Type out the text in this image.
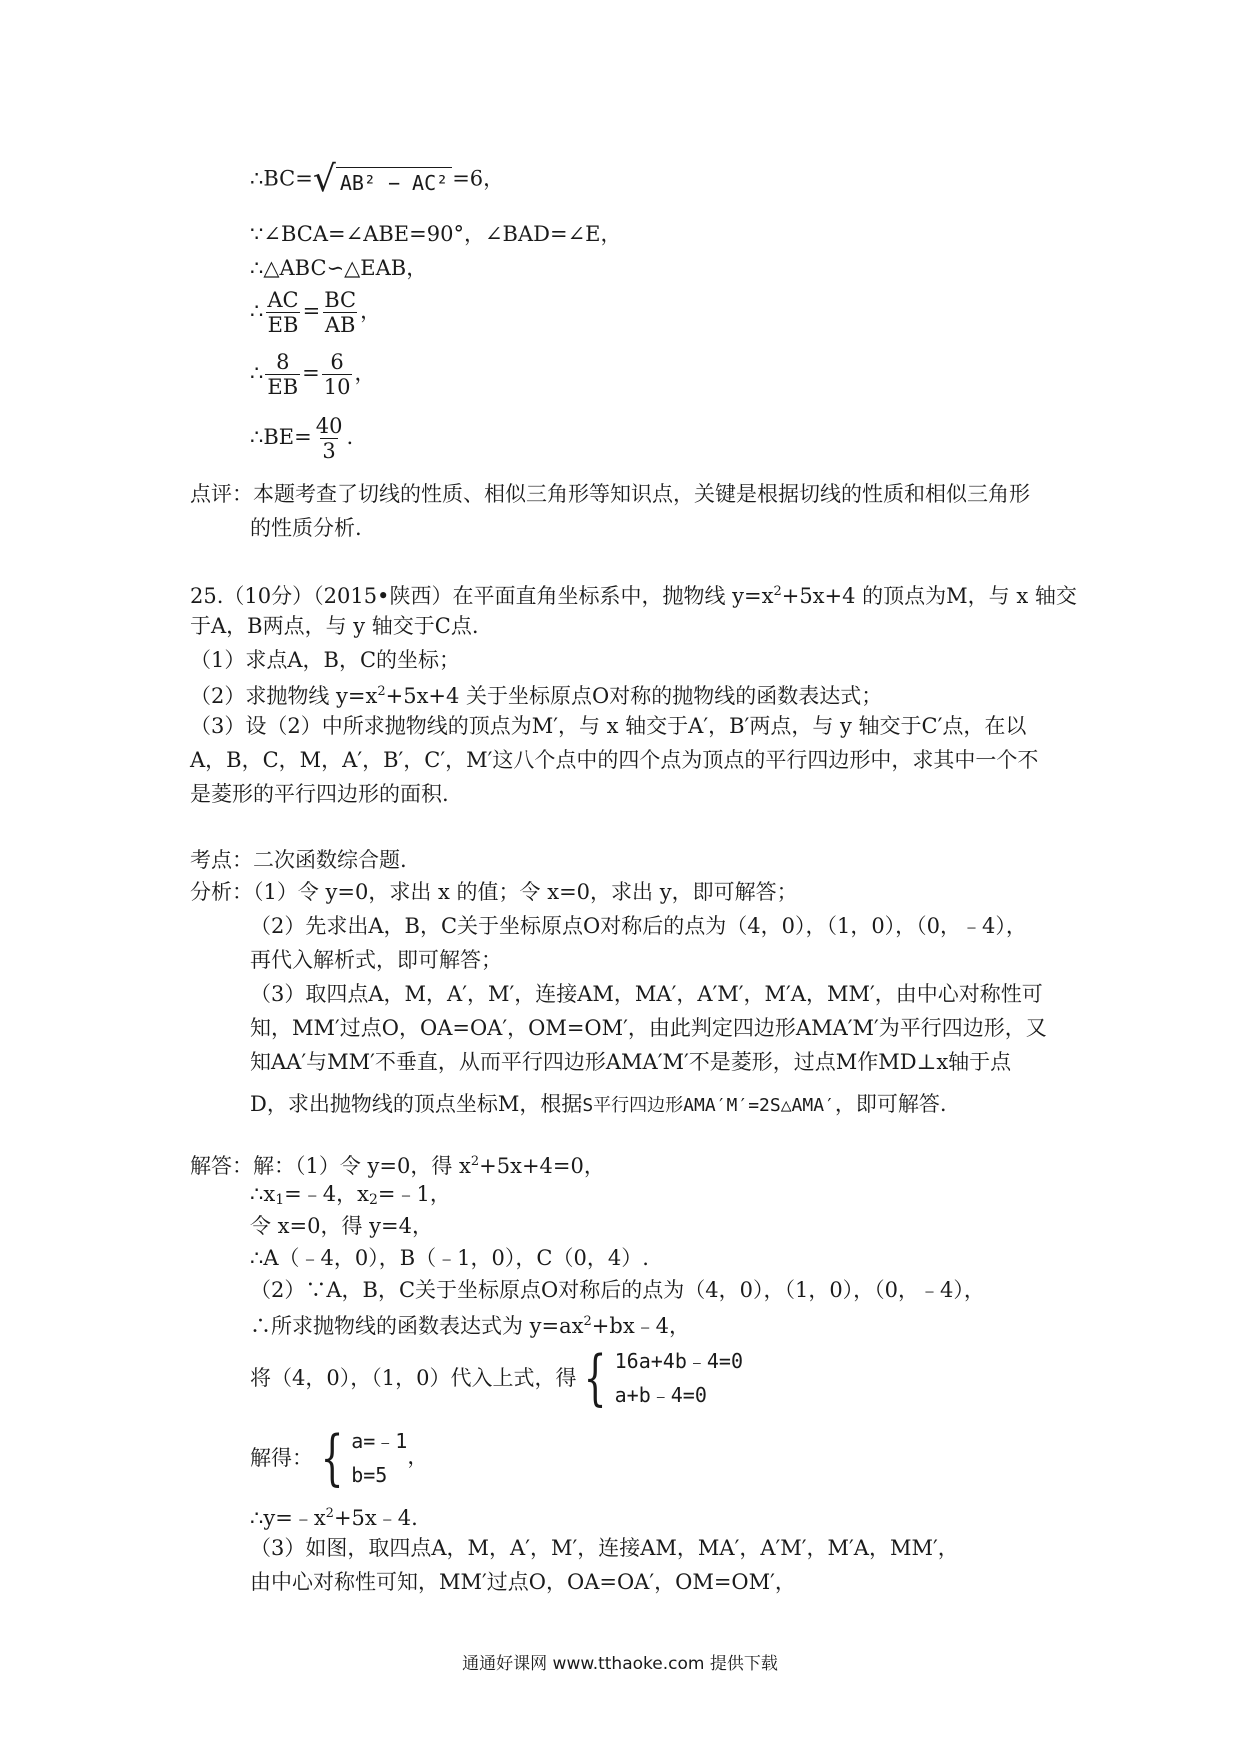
∴BC= √ AB² − AC² =6，
∵∠BCA=∠ABE=90°，∠BAD=∠E，
∴△ABC∽△EAB，
∴ $\frac{AC}{EB} = \frac{BC}{AB}$ ，
∴ $\frac{8}{EB} = \frac{6}{10}$ ，
∴BE= $\frac{40}{3}$ .
点评：本题考查了切线的性质、相似三角形等知识点，关键是根据切线的性质和相似三角形
的性质分析.
25.（10分）（2015•陕西）在平面直角坐标系中，抛物线 $y=x^2+5x+4$ 的顶点为M，与 x 轴交
于A，B两点，与 y 轴交于C点.
（1）求点A，B，C的坐标；
（2）求抛物线 $y=x^2+5x+4$ 关于坐标原点O对称的抛物线的函数表达式；
（3）设（2）中所求抛物线的顶点为M′，与 x 轴交于A′，B′两点，与 y 轴交于C′点，在以
A，B，C，M，A′，B′，C′，M′这八个点中的四个点为顶点的平行四边形中，求其中一个不
是菱形的平行四边形的面积.
考点：二次函数综合题.
分析：（1）令 y=0，求出 x 的值；令 x=0，求出 y，即可解答；
（2）先求出A，B，C关于坐标原点O对称后的点为（4，0），（1，0），（0，﹣4），
再代入解析式，即可解答；
（3）取四点A，M，A′，M′，连接AM，MA′，A′M′，M′A，MM′，由中心对称性可
知，MM′过点O，OA=OA′，OM=OM′，由此判定四边形AMA′M′为平行四边形，又
知AA′与MM′不垂直，从而平行四边形AMA′M′不是菱形，过点M作MD⊥x轴于点
D，求出抛物线的顶点坐标M，根据S平行四边形AMA′M′=2S△AMA′，即可解答.
解答：解：（1）令 y=0，得 $x^2+5x+4=0$，
$\therefore x_1=﹣4$，$x_2=﹣1$，
令 x=0，得 y=4，
∴A（﹣4，0），B（﹣1，0），C（0，4）.
（2）∵A，B，C关于坐标原点O对称后的点为（4，0），（1，0），（0，﹣4），
∴所求抛物线的函数表达式为 $y=ax^2+bx﹣4$，
将（4，0），（1，0）代入上式，得 { 16a+4b﹣4=0
a+b﹣4=0
解得： { a=﹣1
b=5
，
$\therefore y=﹣x^2+5x﹣4$.
（3）如图，取四点A，M，A′，M′，连接AM，MA′，A′M′，M′A，MM′，
由中心对称性可知，MM′过点O，OA=OA′，OM=OM′，
通通好课网 www.tthaoke.com 提供下载
